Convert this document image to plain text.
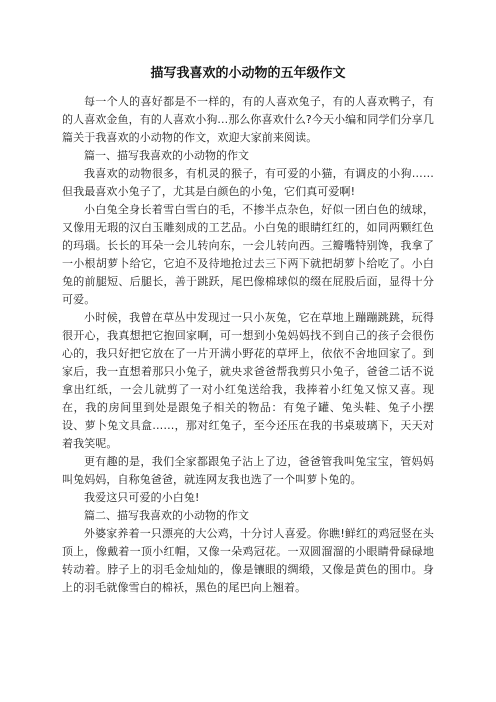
描写我喜欢的小动物的五年级作文

每一个人的喜好都是不一样的，有的人喜欢兔子，有的人喜欢鸭子，有的人喜欢金鱼，有的人喜欢小狗...那么你喜欢什么?今天小编和同学们分享几篇关于我喜欢的小动物的作文，欢迎大家前来阅读。

篇一、描写我喜欢的小动物的作文

我喜欢的动物很多，有机灵的猴子，有可爱的小猫，有调皮的小狗……但我最喜欢小兔子了，尤其是白颜色的小兔，它们真可爱啊!

小白兔全身长着雪白雪白的毛，不掺半点杂色，好似一团白色的绒球，又像用无瑕的汉白玉雕刻成的工艺品。小白兔的眼睛红红的，如同两颗红色的玛瑙。长长的耳朵一会儿转向东，一会儿转向西。三瓣嘴特别馋，我拿了一小根胡萝卜给它，它迫不及待地抢过去三下两下就把胡萝卜给吃了。小白兔的前腿短、后腿长，善于跳跃，尾巴像棉球似的缀在屁股后面，显得十分可爱。

小时候，我曾在草丛中发现过一只小灰兔，它在草地上蹦蹦跳跳，玩得很开心，我真想把它抱回家啊，可一想到小兔妈妈找不到自己的孩子会很伤心的，我只好把它放在了一片开满小野花的草坪上，依依不舍地回家了。到家后，我一直想着那只小兔子，就央求爸爸帮我剪只小兔子，爸爸二话不说拿出红纸，一会儿就剪了一对小红兔送给我，我捧着小红兔又惊又喜。现在，我的房间里到处是跟兔子相关的物品：有兔子罐、兔头鞋、兔子小摆设、萝卜兔文具盒……，那对红兔子，至今还压在我的书桌玻璃下，天天对着我笑呢。

更有趣的是，我们全家都跟兔子沾上了边，爸爸管我叫兔宝宝，管妈妈叫兔妈妈，自称兔爸爸，就连网友我也选了一个叫萝卜兔的。

我爱这只可爱的小白兔!

篇二、描写我喜欢的小动物的作文

外婆家养着一只漂亮的大公鸡，十分讨人喜爱。你瞧!鲜红的鸡冠竖在头顶上，像戴着一顶小红帽，又像一朵鸡冠花。一双圆溜溜的小眼睛骨碌碌地转动着。脖子上的羽毛金灿灿的，像是镶眼的绸缎，又像是黄色的围巾。身上的羽毛就像雪白的棉袄，黑色的尾巴向上翘着。
